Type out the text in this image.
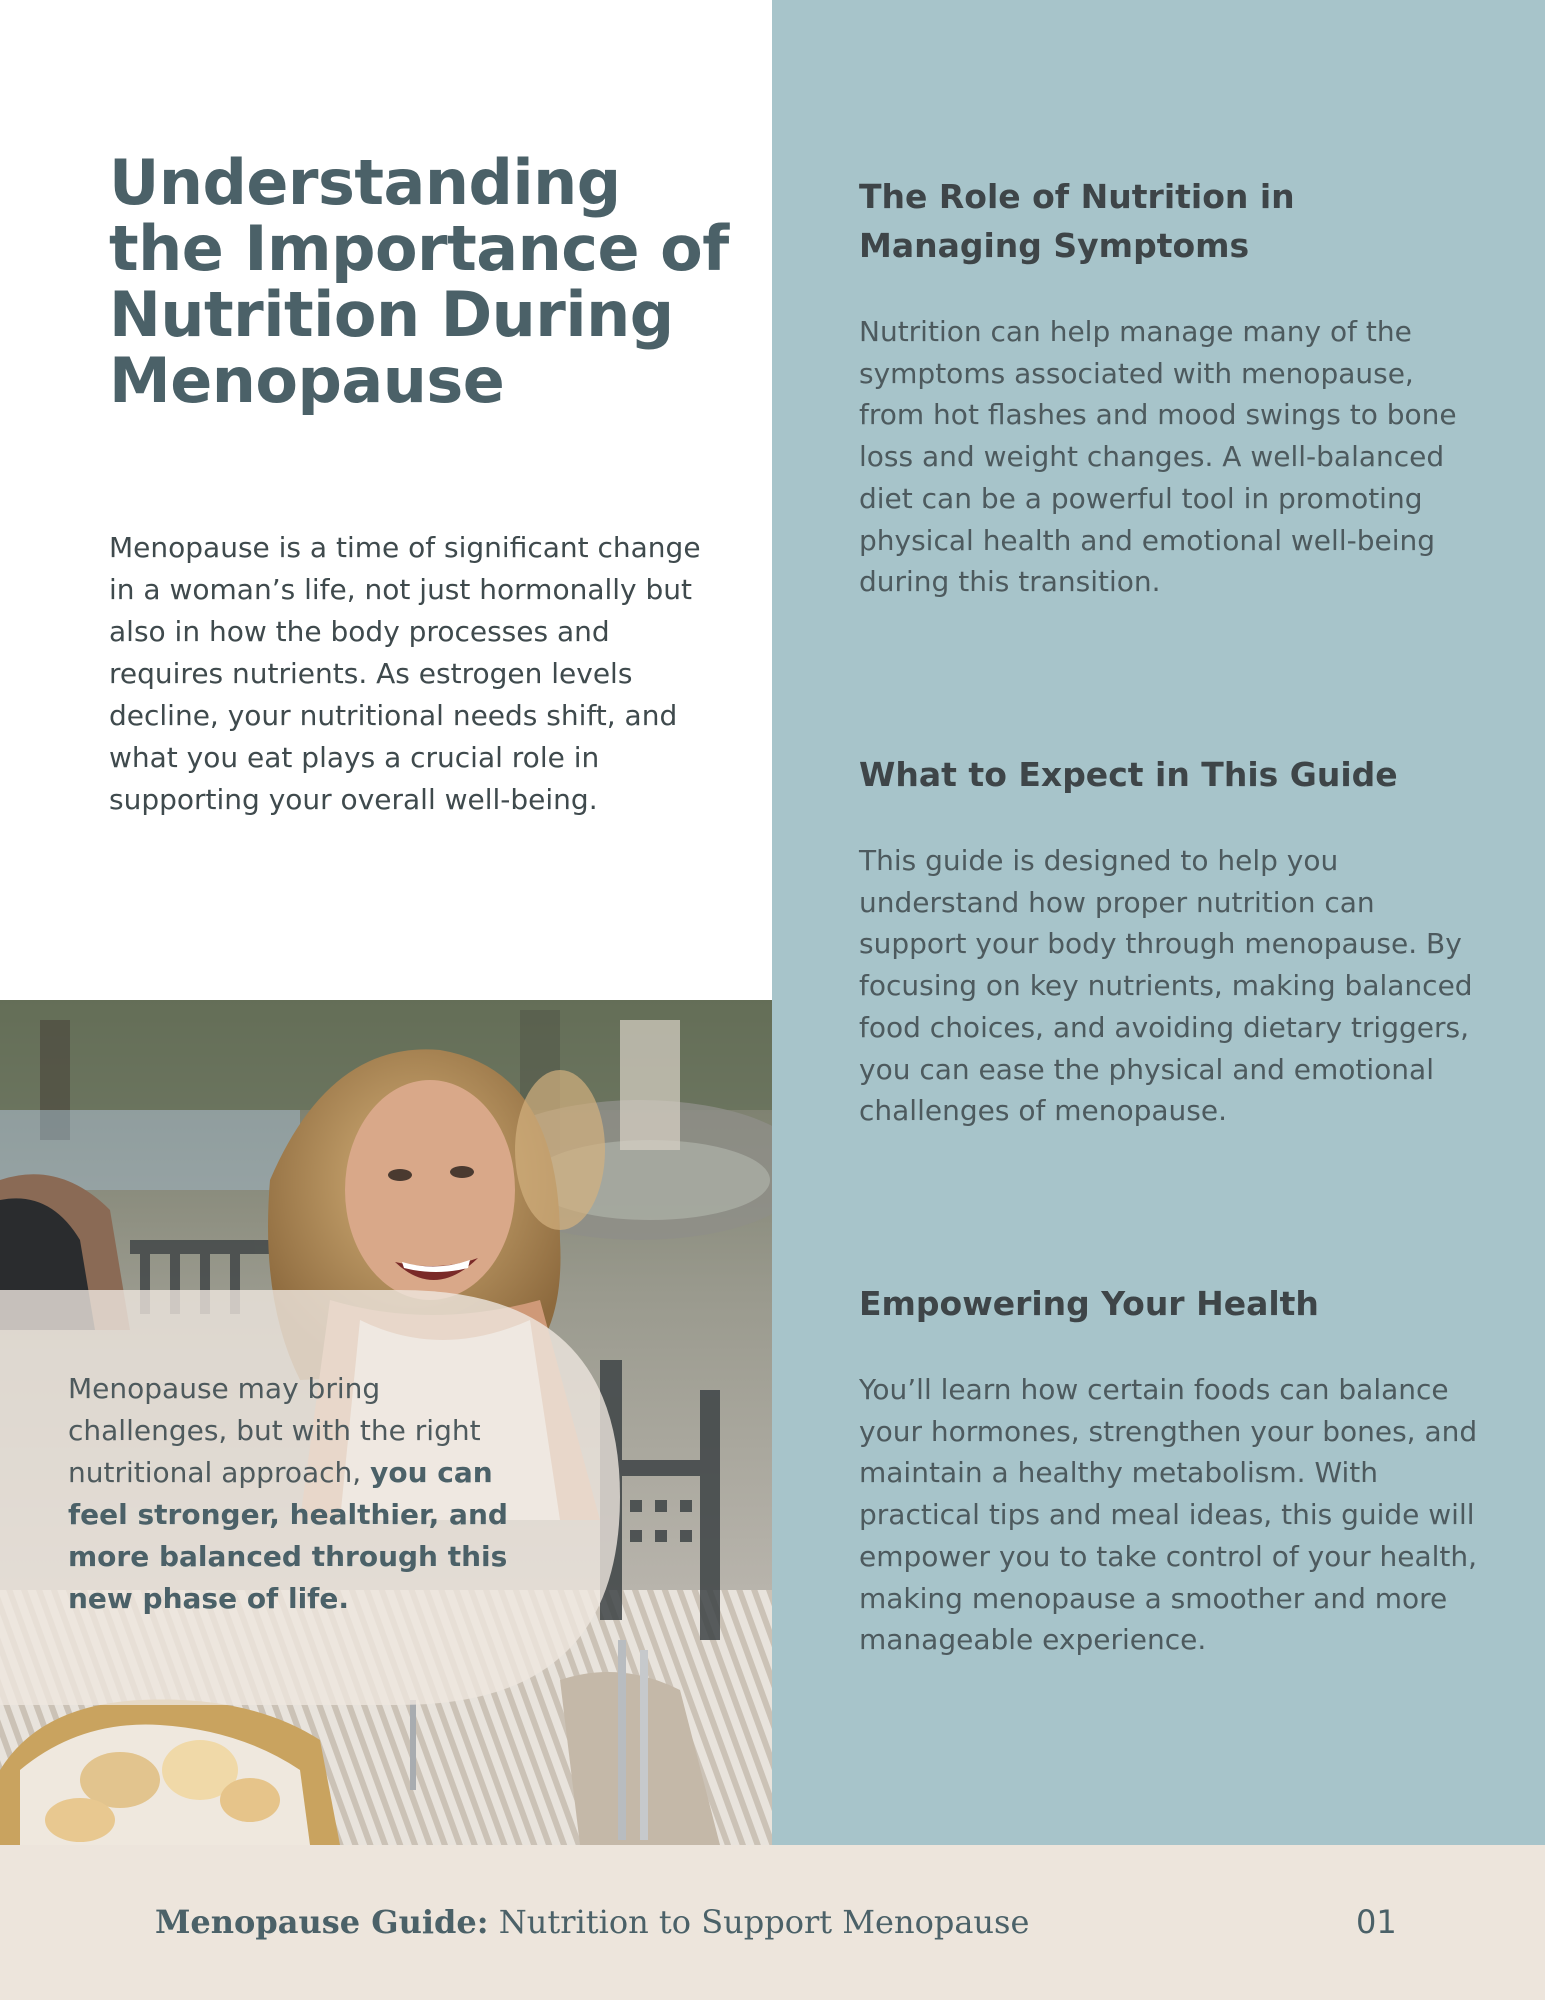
Understanding the Importance of Nutrition During Menopause

Menopause is a time of significant change in a woman’s life, not just hormonally but also in how the body processes and requires nutrients. As estrogen levels decline, your nutritional needs shift, and what you eat plays a crucial role in supporting your overall well-being.

Menopause may bring challenges, but with the right nutritional approach, you can feel stronger, healthier, and more balanced through this new phase of life.

The Role of Nutrition in Managing Symptoms

Nutrition can help manage many of the symptoms associated with menopause, from hot flashes and mood swings to bone loss and weight changes. A well-balanced diet can be a powerful tool in promoting physical health and emotional well-being during this transition.

What to Expect in This Guide

This guide is designed to help you understand how proper nutrition can support your body through menopause. By focusing on key nutrients, making balanced food choices, and avoiding dietary triggers, you can ease the physical and emotional challenges of menopause.

Empowering Your Health

You’ll learn how certain foods can balance your hormones, strengthen your bones, and maintain a healthy metabolism. With practical tips and meal ideas, this guide will empower you to take control of your health, making menopause a smoother and more manageable experience.

Menopause Guide: Nutrition to Support Menopause	01
